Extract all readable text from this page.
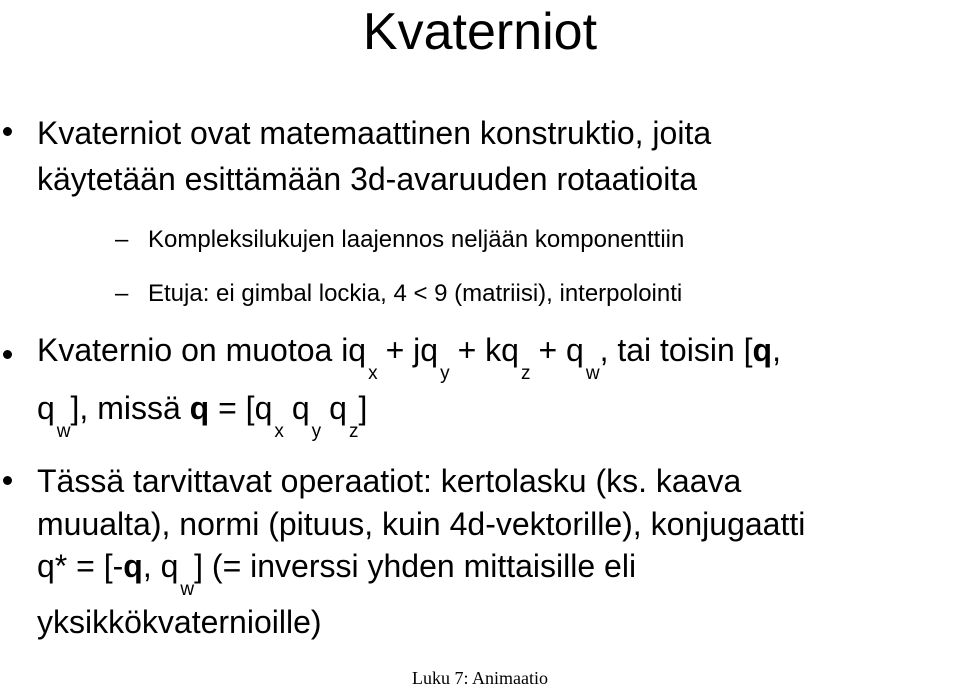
Kvaterniot
Kvaterniot ovat matemaattinen konstruktio, joita
käytetään esittämään 3d-avaruuden rotaatioita
– Kompleksilukujen laajennos neljään komponenttiin
– Etuja: ei gimbal lockia, 4 < 9 (matriisi), interpolointi
Kvaternio on muotoa $iq_x+ jq_y+ kq_z+ q_w$, tai toisin [q,
$q_w$], missä $q = [q_xq_yq_z]$
Tässä tarvittavat operaatiot: kertolasku (ks. kaava
muualta), normi (pituus, kuin 4d-vektorille), konjugaatti
q* = [-q, $q_w$] (= inverssi yhden mittaisille eli
yksikkökvaternioille)
Luku 7: Animaatio
